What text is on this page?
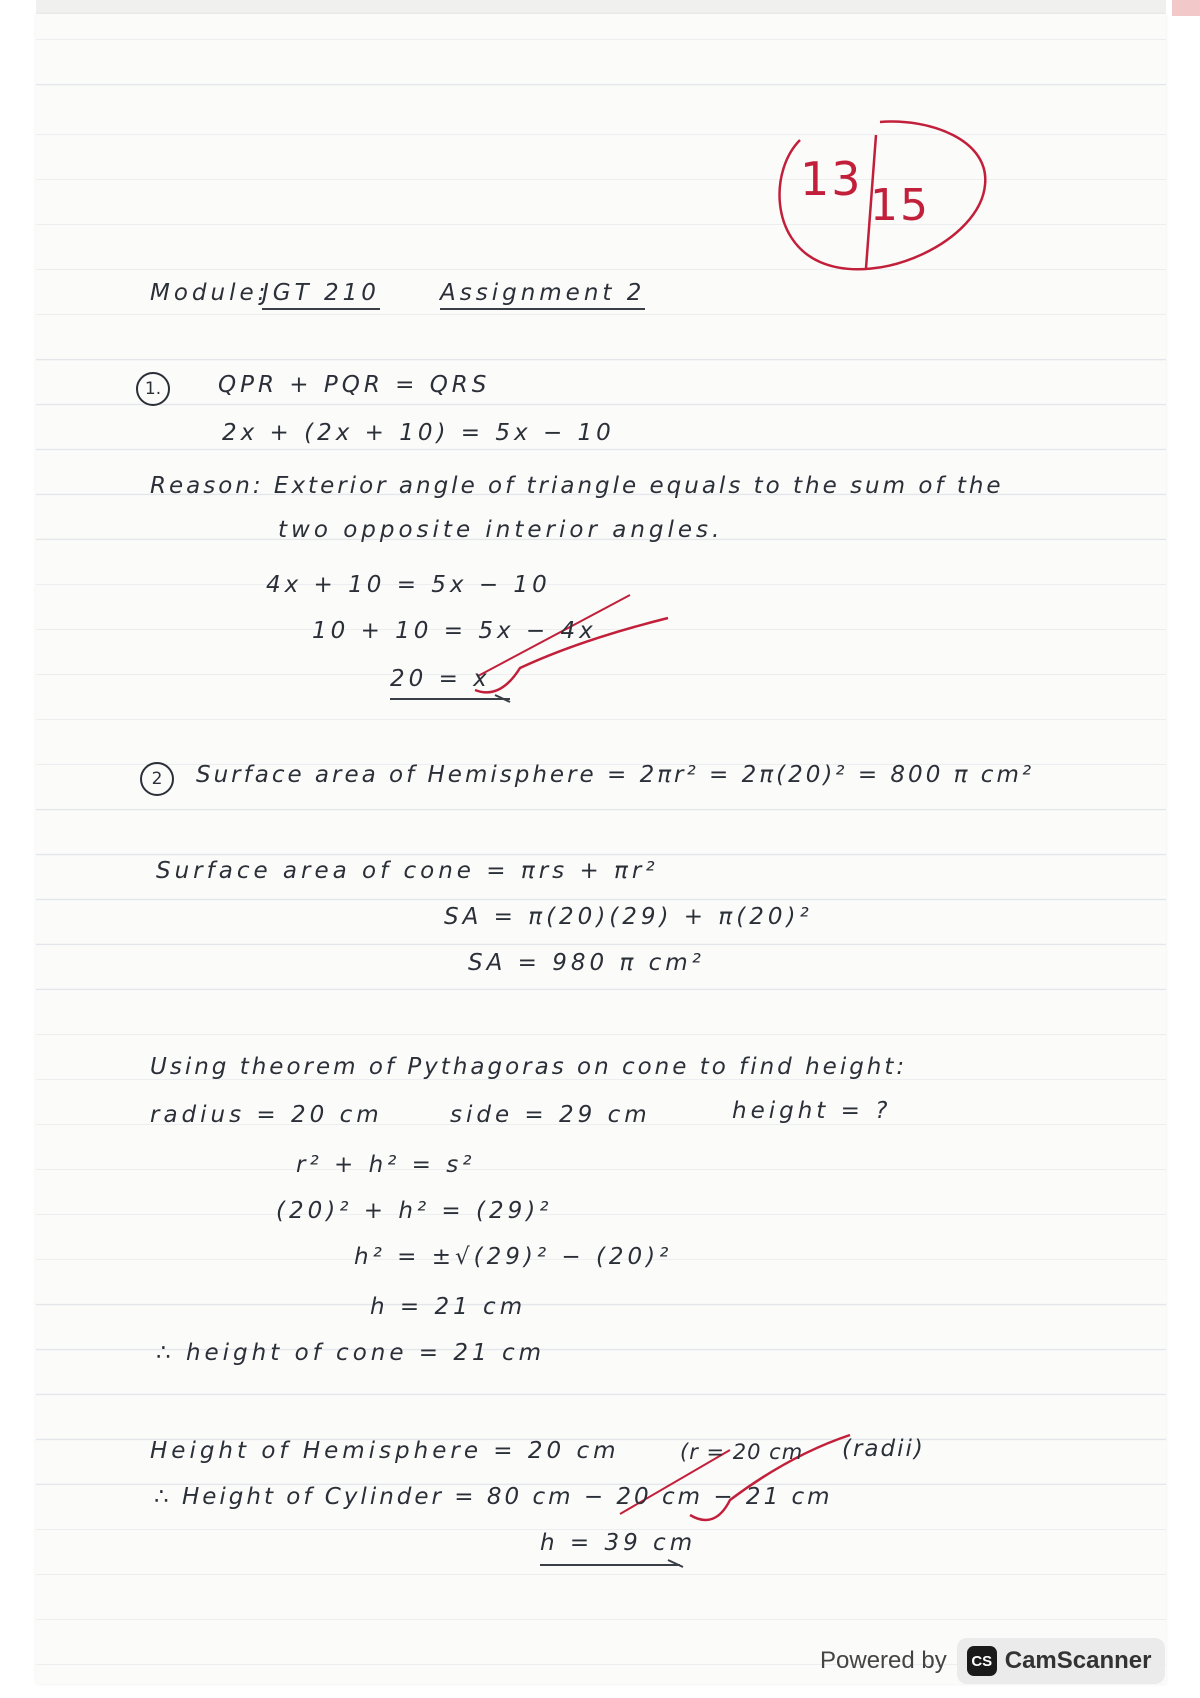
13 15
Module:
JGT 210	Assignment 2
1.	QPR + PQR = QRS
2x + (2x + 10) = 5x − 10
Reason: Exterior angle of triangle equals to the sum of the
two opposite interior angles.
4x + 10 = 5x − 10
10 + 10 = 5x − 4x
20 = x
2	Surface area of Hemisphere = 2πr² = 2π(20)² = 800 π cm²
Surface area of cone = πrs + πr²
SA = π(20)(29) + π(20)²
SA = 980 π cm²
Using theorem of Pythagoras on cone to find height:
radius = 20 cm	side = 29 cm	height = ?
r² + h² = s²
(20)² + h² = (29)²
h² = ±√(29)² − (20)²
h = 21 cm
∴ height of cone = 21 cm
Height of Hemisphere = 20 cm	(r = 20 cm (radii)
∴ Height of Cylinder = 80 cm − 20 cm − 21 cm
h = 39 cm
Powered by	CS CamScanner
